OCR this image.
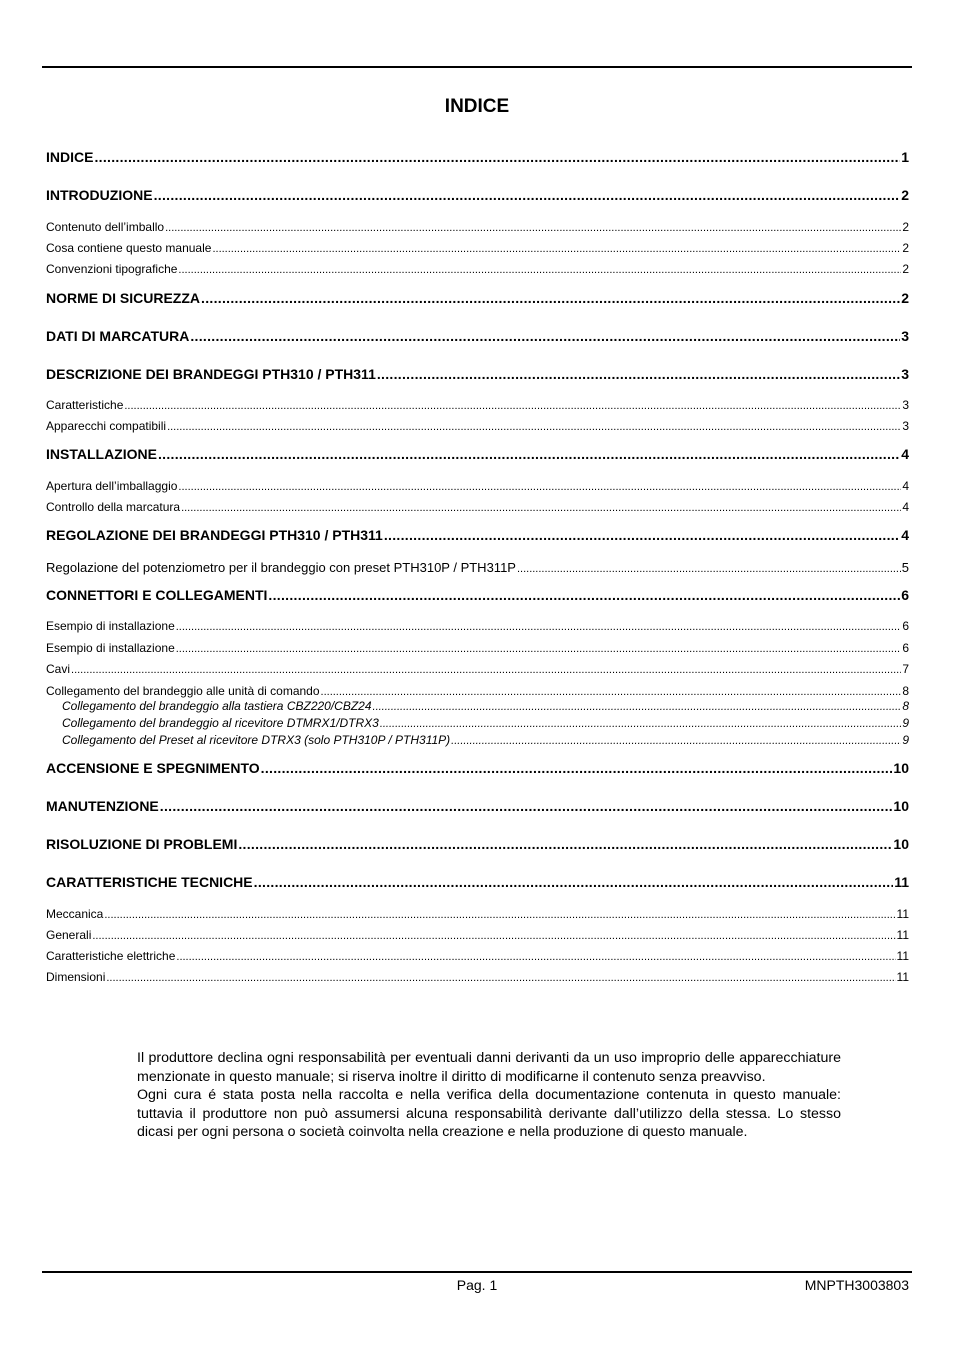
INDICE
INDICE .....	1
INTRODUZIONE .....	2
Contenuto dell’imballo .....	2
Cosa contiene questo manuale .....	2
Convenzioni tipografiche .....	2
NORME DI SICUREZZA .....	2
DATI DI MARCATURA .....	3
DESCRIZIONE DEI BRANDEGGI PTH310 / PTH311 .....	3
Caratteristiche .....	3
Apparecchi compatibili .....	3
INSTALLAZIONE .....	4
Apertura dell’imballaggio .....	4
Controllo della marcatura .....	4
REGOLAZIONE DEI BRANDEGGI PTH310 / PTH311 .....	4
Regolazione del potenziometro per il brandeggio con preset PTH310P / PTH311P .....	5
CONNETTORI E COLLEGAMENTI .....	6
Esempio di installazione .....	6
Esempio di installazione .....	6
Cavi .....	7
Collegamento del brandeggio alle unità di comando .....	8
Collegamento del brandeggio alla tastiera CBZ220/CBZ24 .....	8
Collegamento del brandeggio al ricevitore DTMRX1/DTRX3 .....	9
Collegamento del Preset al ricevitore DTRX3 (solo PTH310P / PTH311P) .....	9
ACCENSIONE E SPEGNIMENTO .....	10
MANUTENZIONE .....	10
RISOLUZIONE DI PROBLEMI .....	10
CARATTERISTICHE TECNICHE .....	11
Meccanica .....	11
Generali .....	11
Caratteristiche elettriche .....	11
Dimensioni .....	11

Il produttore declina ogni responsabilità per eventuali danni derivanti da un uso improprio delle apparecchiature menzionate in questo manuale; si riserva inoltre il diritto di modificarne il contenuto senza preavviso.

Ogni cura é stata posta nella raccolta e nella verifica della documentazione contenuta in questo manuale: tuttavia il produttore non può assumersi alcuna responsabilità derivante dall’utilizzo della stessa. Lo stesso dicasi per ogni persona o società coinvolta nella creazione e nella produzione di questo manuale.

Pag. 1	MNPTH3003803
